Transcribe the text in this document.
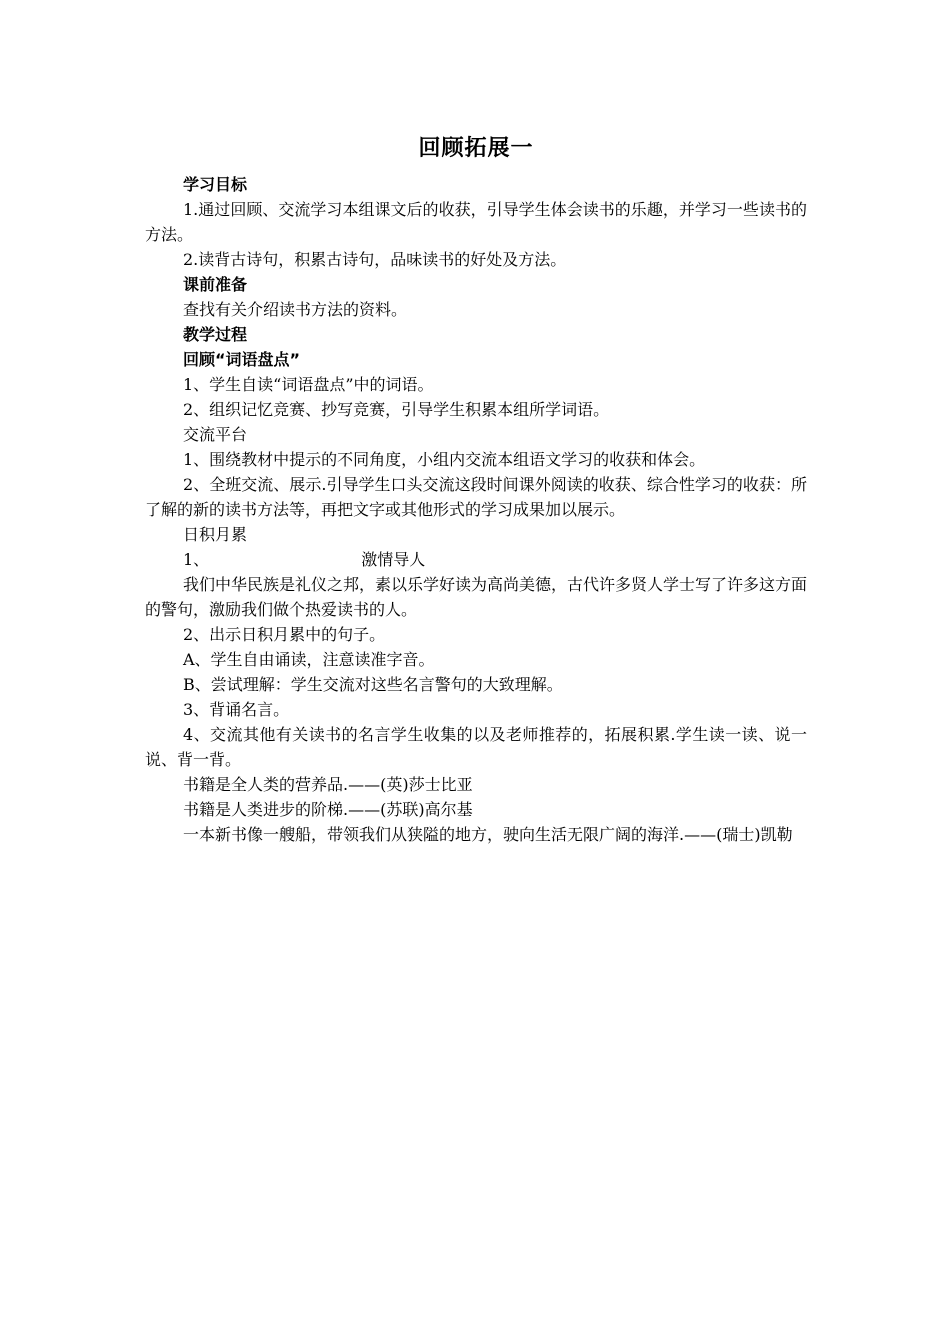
回顾拓展一

学习目标

1.通过回顾、交流学习本组课文后的收获，引导学生体会读书的乐趣，并学习一些读书的方法。

2.读背古诗句，积累古诗句，品味读书的好处及方法。

课前准备

查找有关介绍读书方法的资料。

教学过程

回顾“词语盘点”

1、学生自读“词语盘点”中的词语。

2、组织记忆竞赛、抄写竞赛，引导学生积累本组所学词语。

交流平台

1、围绕教材中提示的不同角度，小组内交流本组语文学习的收获和体会。

2、全班交流、展示.引导学生口头交流这段时间课外阅读的收获、综合性学习的收获：所了解的新的读书方法等，再把文字或其他形式的学习成果加以展示。

日积月累

1、	激情导人

我们中华民族是礼仪之邦，素以乐学好读为高尚美德，古代许多贤人学士写了许多这方面的警句，激励我们做个热爱读书的人。

2、出示日积月累中的句子。

A、学生自由诵读，注意读准字音。

B、尝试理解：学生交流对这些名言警句的大致理解。

3、背诵名言。

4、交流其他有关读书的名言学生收集的以及老师推荐的，拓展积累.学生读一读、说一说、背一背。

书籍是全人类的营养品.——(英)莎士比亚

书籍是人类进步的阶梯.——(苏联)高尔基

一本新书像一艘船，带领我们从狭隘的地方，驶向生活无限广阔的海洋.——(瑞士)凯勒
